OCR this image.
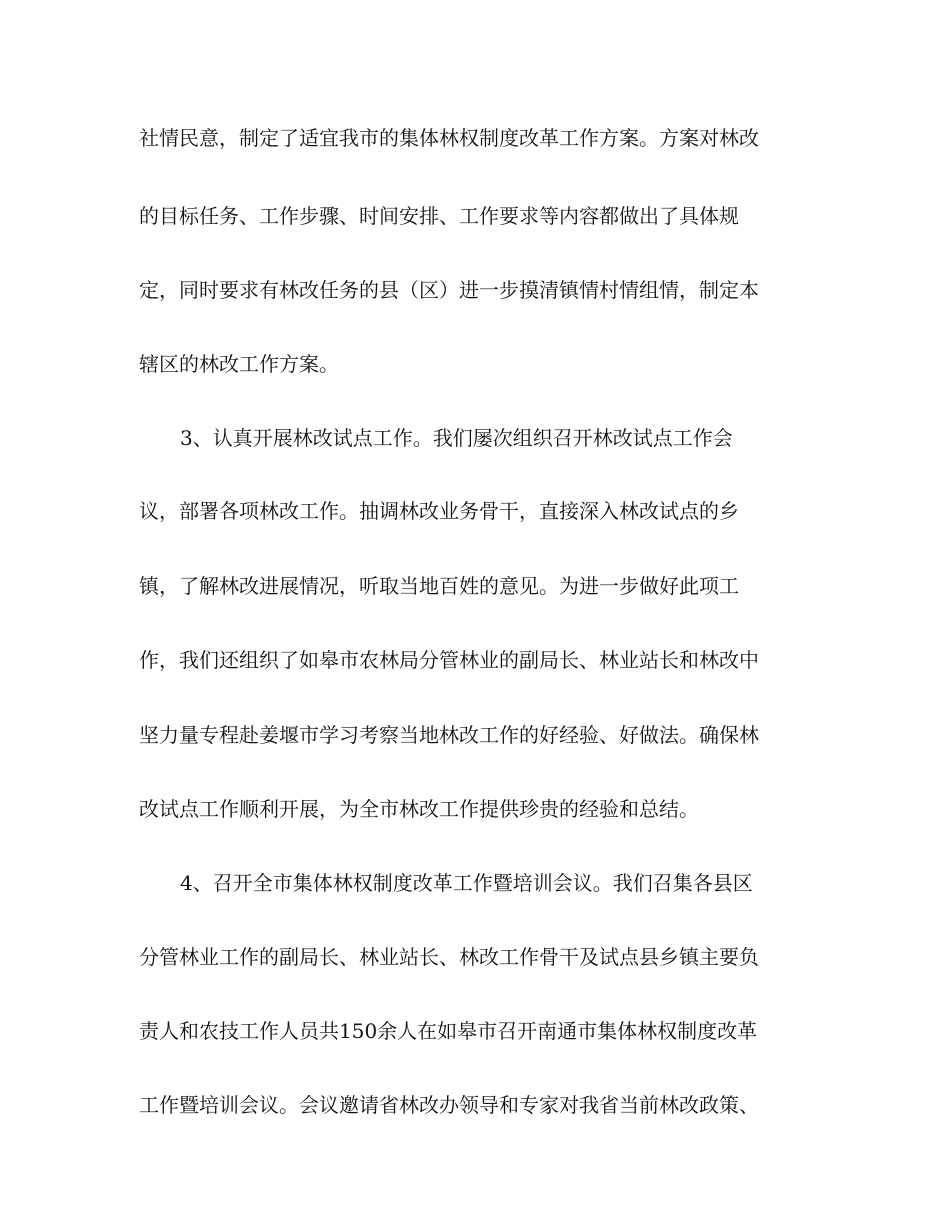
社情民意，制定了适宜我市的集体林权制度改革工作方案。方案对林改

的目标任务、工作步骤、时间安排、工作要求等内容都做出了具体规

定，同时要求有林改任务的县（区）进一步摸清镇情村情组情，制定本

辖区的林改工作方案。

3、认真开展林改试点工作。我们屡次组织召开林改试点工作会

议，部署各项林改工作。抽调林改业务骨干，直接深入林改试点的乡

镇，了解林改进展情况，听取当地百姓的意见。为进一步做好此项工

作，我们还组织了如皋市农林局分管林业的副局长、林业站长和林改中

坚力量专程赴姜堰市学习考察当地林改工作的好经验、好做法。确保林

改试点工作顺利开展，为全市林改工作提供珍贵的经验和总结。

4、召开全市集体林权制度改革工作暨培训会议。我们召集各县区

分管林业工作的副局长、林业站长、林改工作骨干及试点县乡镇主要负

责人和农技工作人员共150余人在如皋市召开南通市集体林权制度改革

工作暨培训会议。会议邀请省林改办领导和专家对我省当前林改政策、
